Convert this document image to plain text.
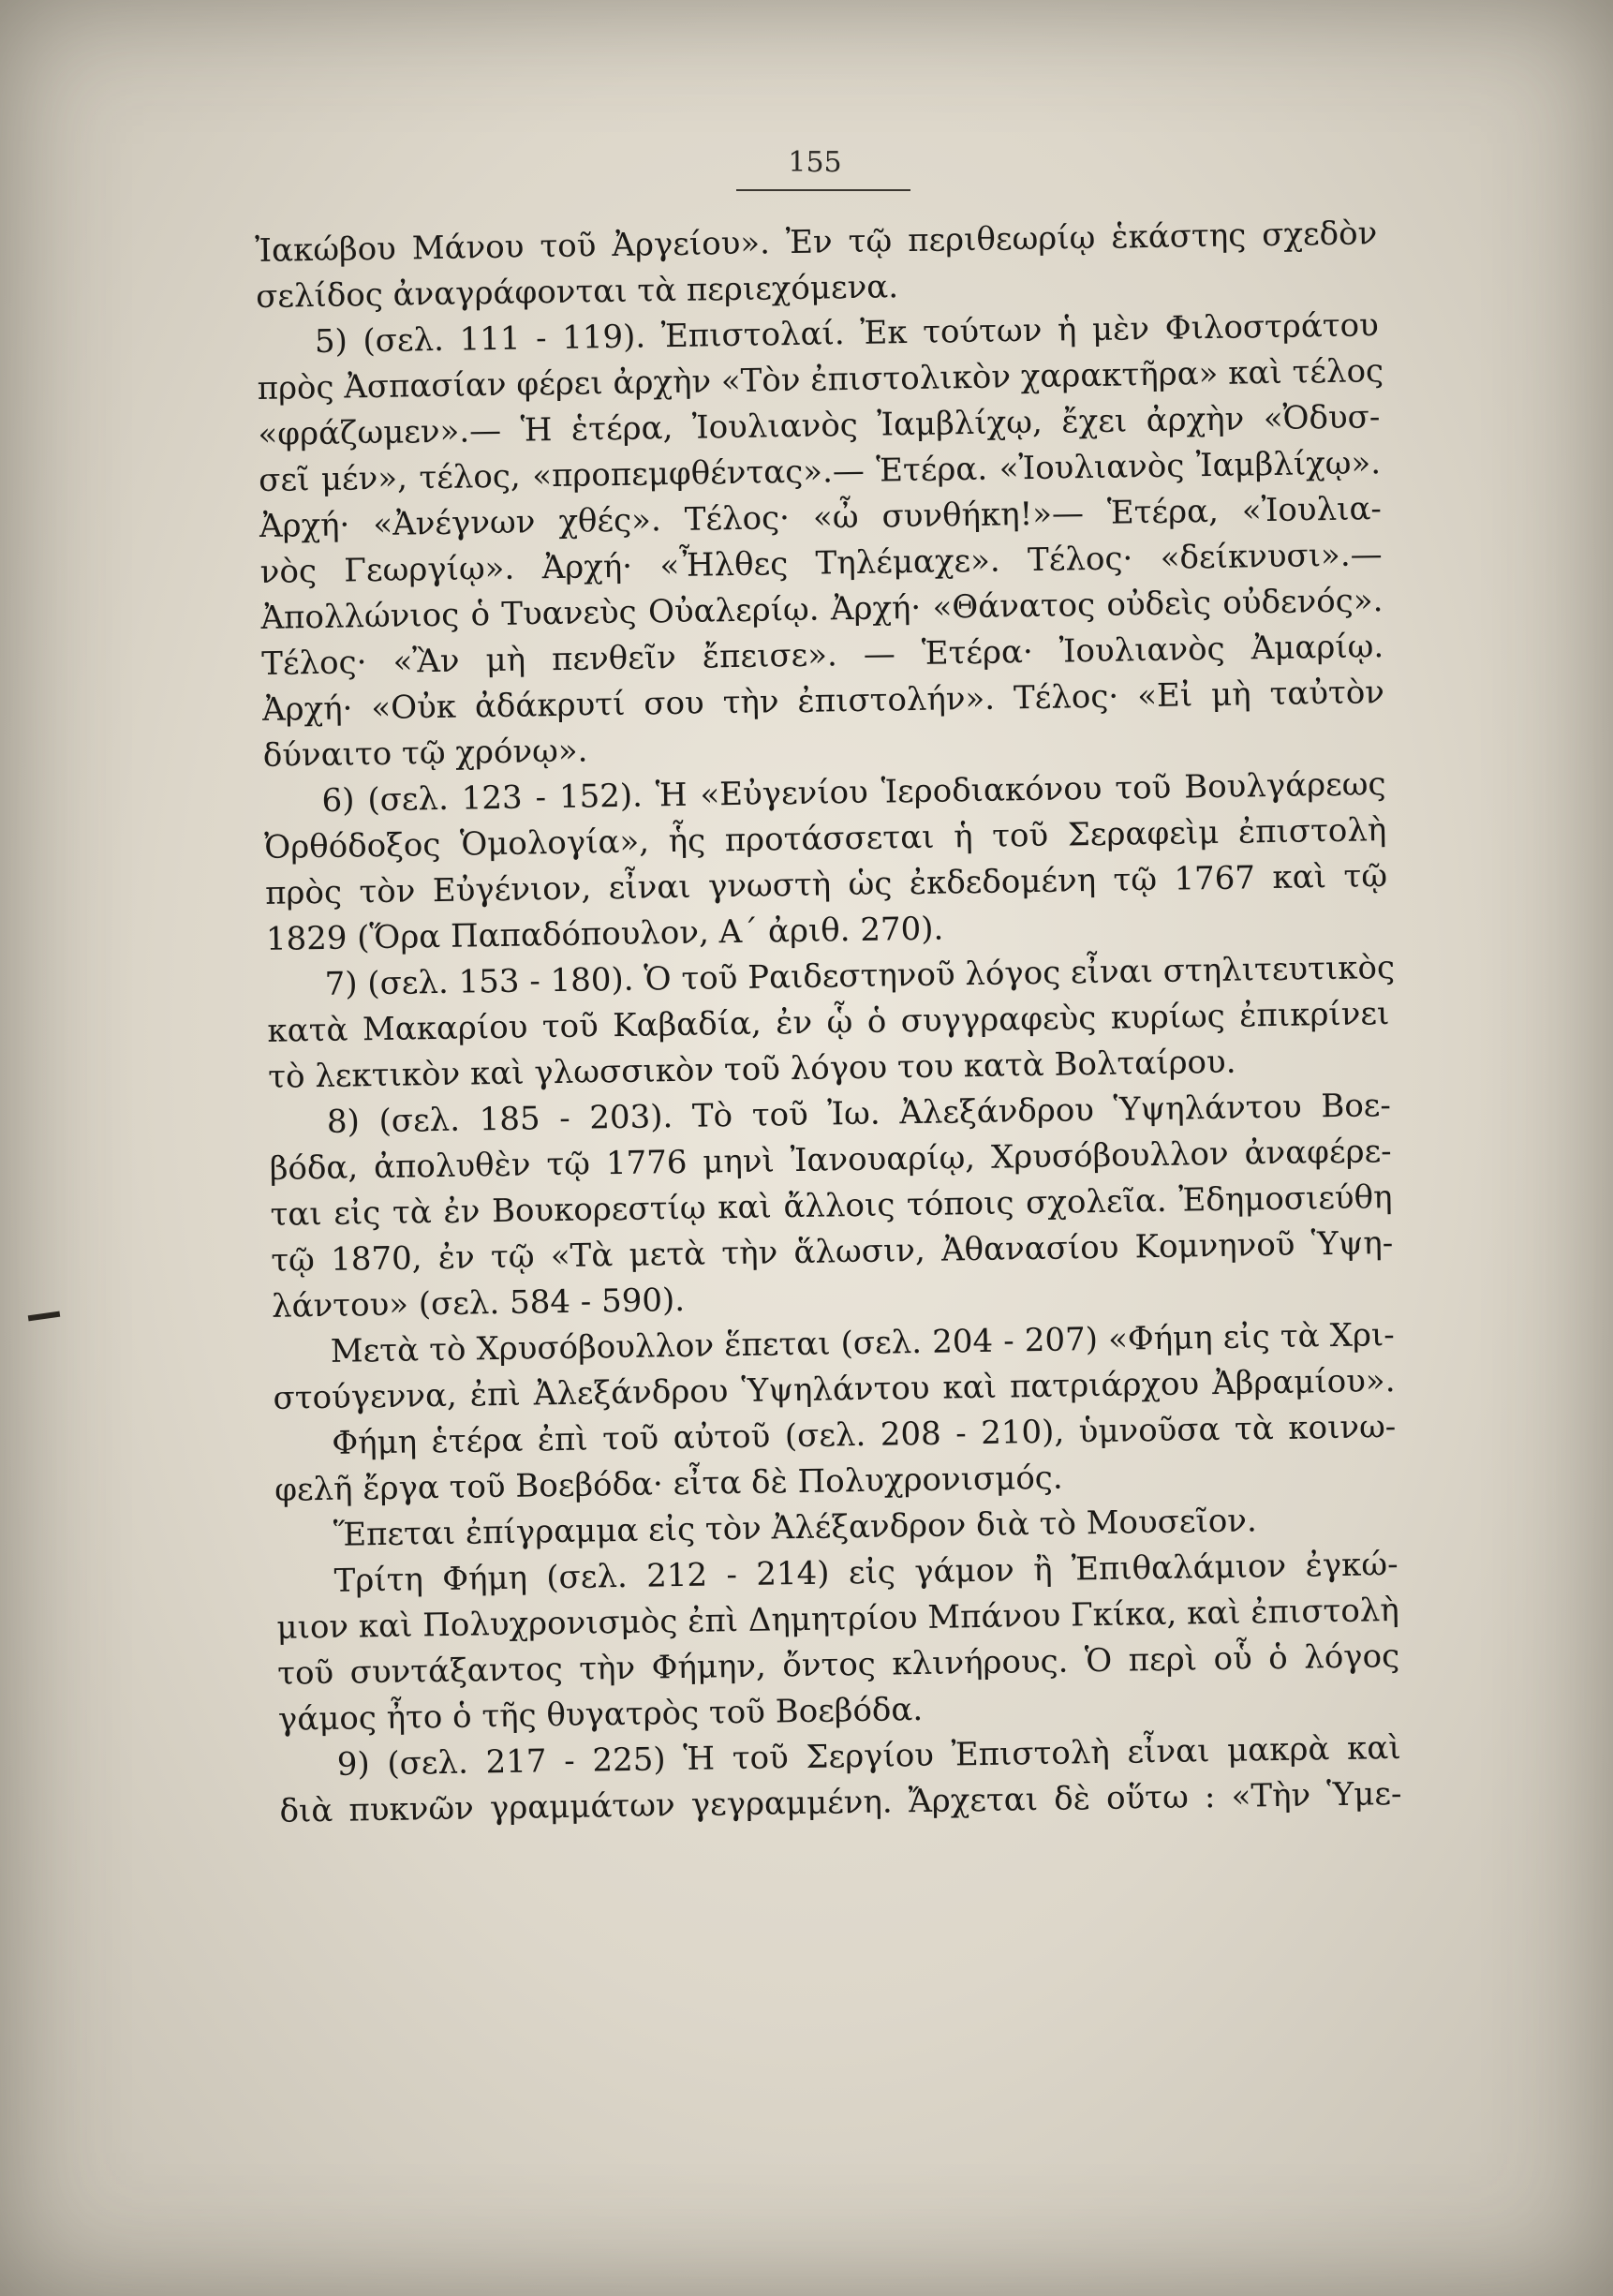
155
Ἰακώβου Μάνου τοῦ Ἀργείου». Ἐν τῷ περιθεωρίῳ ἑκάστης σχεδὸν
σελίδος ἀναγράφονται τὰ περιεχόμενα.
5) (σελ. 111 - 119). Ἐπιστολαί. Ἐκ τούτων ἡ μὲν Φιλοστράτου
πρὸς Ἀσπασίαν φέρει ἀρχὴν «Τὸν ἐπιστολικὸν χαρακτῆρα» καὶ τέλος
«φράζωμεν».— Ἡ ἑτέρα, Ἰουλιανὸς Ἰαμβλίχῳ, ἔχει ἀρχὴν «Ὀδυσ-
σεῖ μέν», τέλος, «προπεμφθέντας».— Ἑτέρα. «Ἰουλιανὸς Ἰαμβλίχῳ».
Ἀρχή· «Ἀνέγνων χθές». Τέλος· «ὦ συνθήκη!»— Ἑτέρα, «Ἰουλια-
νὸς Γεωργίῳ». Ἀρχή· «Ἦλθες Τηλέμαχε». Τέλος· «δείκνυσι».—
Ἀπολλώνιος ὁ Τυανεὺς Οὐαλερίῳ. Ἀρχή· «Θάνατος οὐδεὶς οὐδενός».
Τέλος· «Ἂν μὴ πενθεῖν ἔπεισε». — Ἑτέρα· Ἰουλιανὸς Ἀμαρίῳ.
Ἀρχή· «Οὐκ ἀδάκρυτί σου τὴν ἐπιστολήν». Τέλος· «Εἰ μὴ ταὐτὸν
δύναιτο τῷ χρόνῳ».
6) (σελ. 123 - 152). Ἡ «Εὐγενίου Ἱεροδιακόνου τοῦ Βουλγάρεως
Ὀρθόδοξος Ὁμολογία», ἧς προτάσσεται ἡ τοῦ Σεραφεὶμ ἐπιστολὴ
πρὸς τὸν Εὐγένιον, εἶναι γνωστὴ ὡς ἐκδεδομένη τῷ 1767 καὶ τῷ
1829 (Ὅρα Παπαδόπουλον, Α´ ἀριθ. 270).
7) (σελ. 153 - 180). Ὁ τοῦ Ραιδεστηνοῦ λόγος εἶναι στηλιτευτικὸς
κατὰ Μακαρίου τοῦ Καβαδία, ἐν ᾧ ὁ συγγραφεὺς κυρίως ἐπικρίνει
τὸ λεκτικὸν καὶ γλωσσικὸν τοῦ λόγου του κατὰ Βολταίρου.
8) (σελ. 185 - 203). Τὸ τοῦ Ἰω. Ἀλεξάνδρου Ὑψηλάντου Βοε-
βόδα, ἀπολυθὲν τῷ 1776 μηνὶ Ἰανουαρίῳ, Χρυσόβουλλον ἀναφέρε-
ται εἰς τὰ ἐν Βουκορεστίῳ καὶ ἄλλοις τόποις σχολεῖα. Ἐδημοσιεύθη
τῷ 1870, ἐν τῷ «Τὰ μετὰ τὴν ἅλωσιν, Ἀθανασίου Κομνηνοῦ Ὑψη-
λάντου» (σελ. 584 - 590).
Μετὰ τὸ Χρυσόβουλλον ἕπεται (σελ. 204 - 207) «Φήμη εἰς τὰ Χρι-
στούγεννα, ἐπὶ Ἀλεξάνδρου Ὑψηλάντου καὶ πατριάρχου Ἀβραμίου».
Φήμη ἑτέρα ἐπὶ τοῦ αὐτοῦ (σελ. 208 - 210), ὑμνοῦσα τὰ κοινω-
φελῆ ἔργα τοῦ Βοεβόδα· εἶτα δὲ Πολυχρονισμός.
Ἕπεται ἐπίγραμμα εἰς τὸν Ἀλέξανδρον διὰ τὸ Μουσεῖον.
Τρίτη Φήμη (σελ. 212 - 214) εἰς γάμον ἢ Ἐπιθαλάμιον ἐγκώ-
μιον καὶ Πολυχρονισμὸς ἐπὶ Δημητρίου Μπάνου Γκίκα, καὶ ἐπιστολὴ
τοῦ συντάξαντος τὴν Φήμην, ὄντος κλινήρους. Ὁ περὶ οὗ ὁ λόγος
γάμος ἦτο ὁ τῆς θυγατρὸς τοῦ Βοεβόδα.
9) (σελ. 217 - 225) Ἡ τοῦ Σεργίου Ἐπιστολὴ εἶναι μακρὰ καὶ
διὰ πυκνῶν γραμμάτων γεγραμμένη. Ἄρχεται δὲ οὕτω : «Τὴν Ὑμε-
